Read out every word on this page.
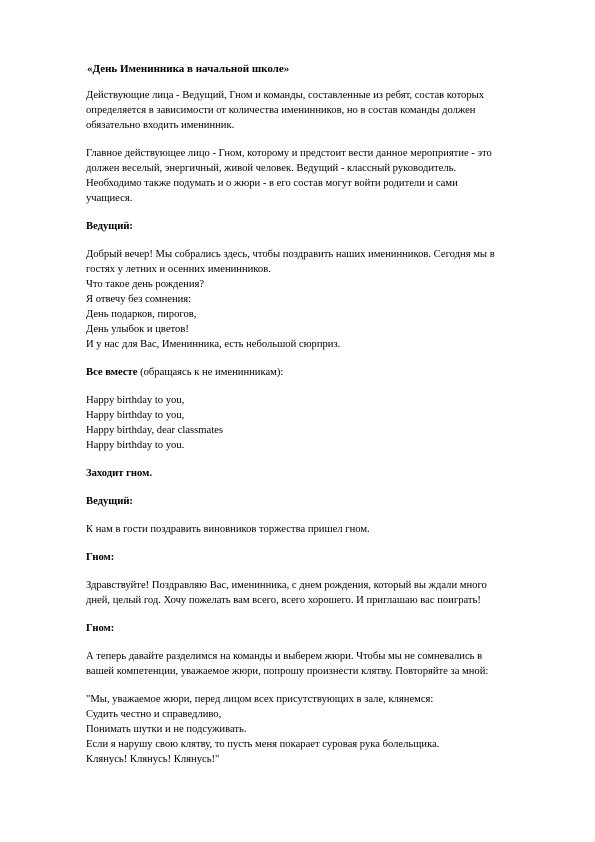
«День Именинника в начальной школе»

Действующие лица - Ведущий, Гном и команды, составленные из ребят, состав которых
определяется в зависимости от количества именинников, но в состав команды должен
обязательно входить именинник.

Главное действующее лицо - Гном, которому и предстоит вести данное мероприятие - это
должен веселый, энергичный, живой человек. Ведущий - классный руководитель.
Необходимо также подумать и о жюри - в его состав могут войти родители и сами
учащиеся.

Ведущий:

Добрый вечер! Мы собрались здесь, чтобы поздравить наших именинников. Сегодня мы в
гостях у летних и осенних именинников.
Что такое день рождения?
Я отвечу без сомнения:
День подарков, пирогов,
День улыбок и цветов!
И у нас для Вас, Именинника, есть небольшой сюрприз.

Все вместе (обращаясь к не именинникам):

Happy birthday to you,
Happy birthday to you,
Happy birthday, dear classmates
Happy birthday to you.

Заходит гном.

Ведущий:

К нам в гости поздравить виновников торжества пришел гном.

Гном:

Здравствуйте! Поздравляю Вас, именинника, с днем рождения, который вы ждали много
дней, целый год. Хочу пожелать вам всего, всего хорошего. И приглашаю вас поиграть!

Гном:

А теперь давайте разделимся на команды и выберем жюри. Чтобы мы не сомневались в
вашей компетенции, уважаемое жюри, попрошу произнести клятву. Повторяйте за мной:

"Мы, уважаемое жюри, перед лицом всех присутствующих в зале, клянемся:
Судить честно и справедливо,
Понимать шутки и не подсуживать.
Если я нарушу свою клятву, то пусть меня покарает суровая рука болельщика.
Клянусь! Клянусь! Клянусь!"
